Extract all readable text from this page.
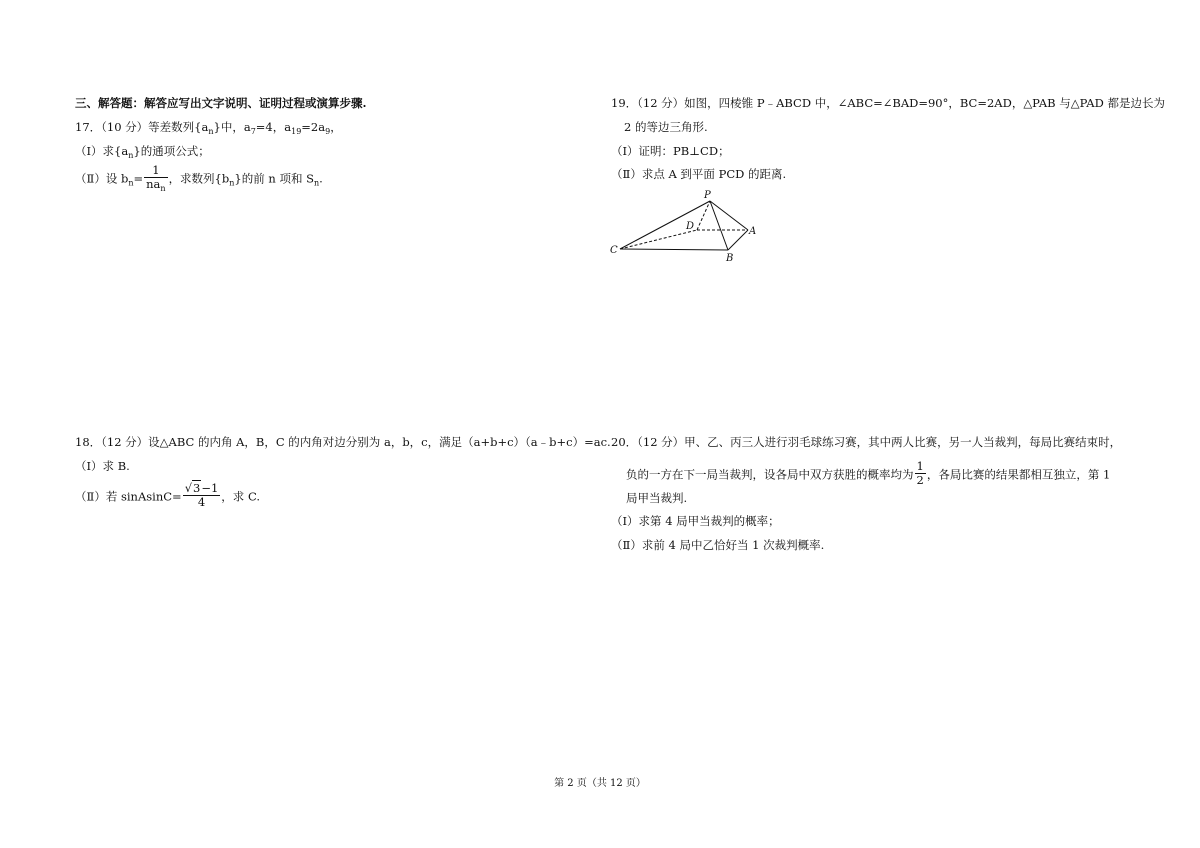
三、解答题：解答应写出文字说明、证明过程或演算步骤.
17．（10 分）等差数列$\{a_n\}$中，$a_7=4$，$a_{19}=2a_9$，
（Ⅰ）求$\{a_n\}$的通项公式；
（Ⅱ）设 $b_n= \frac{1}{na_n}$ ，求数列$\{b_n\}$的前 n 项和 $S_n$.
18．（12 分）设△ABC 的内角 A，B，C 的内角对边分别为 a，b，c，满足（a+b+c）（a﹣b+c）=ac.
（Ⅰ）求 B.
（Ⅱ）若 sinAsinC= $\frac{√3-1}{4}$ ，求 C.
19．（12 分）如图，四棱锥 P﹣ABCD 中，∠ABC=∠BAD=90°，BC=2AD，△PAB 与△PAD 都是边长为
2 的等边三角形.
（Ⅰ）证明：PB⊥CD；
（Ⅱ）求点 A 到平面 PCD 的距离.
P
D	A
C
B
20．（12 分）甲、乙、丙三人进行羽毛球练习赛，其中两人比赛，另一人当裁判，每局比赛结束时，
负的一方在下一局当裁判，设各局中双方获胜的概率均为 $\frac{1}{2}$ ，各局比赛的结果都相互独立，第 1
局甲当裁判.
（Ⅰ）求第 4 局甲当裁判的概率；
（Ⅱ）求前 4 局中乙恰好当 1 次裁判概率.
第 2 页（共 12 页）
